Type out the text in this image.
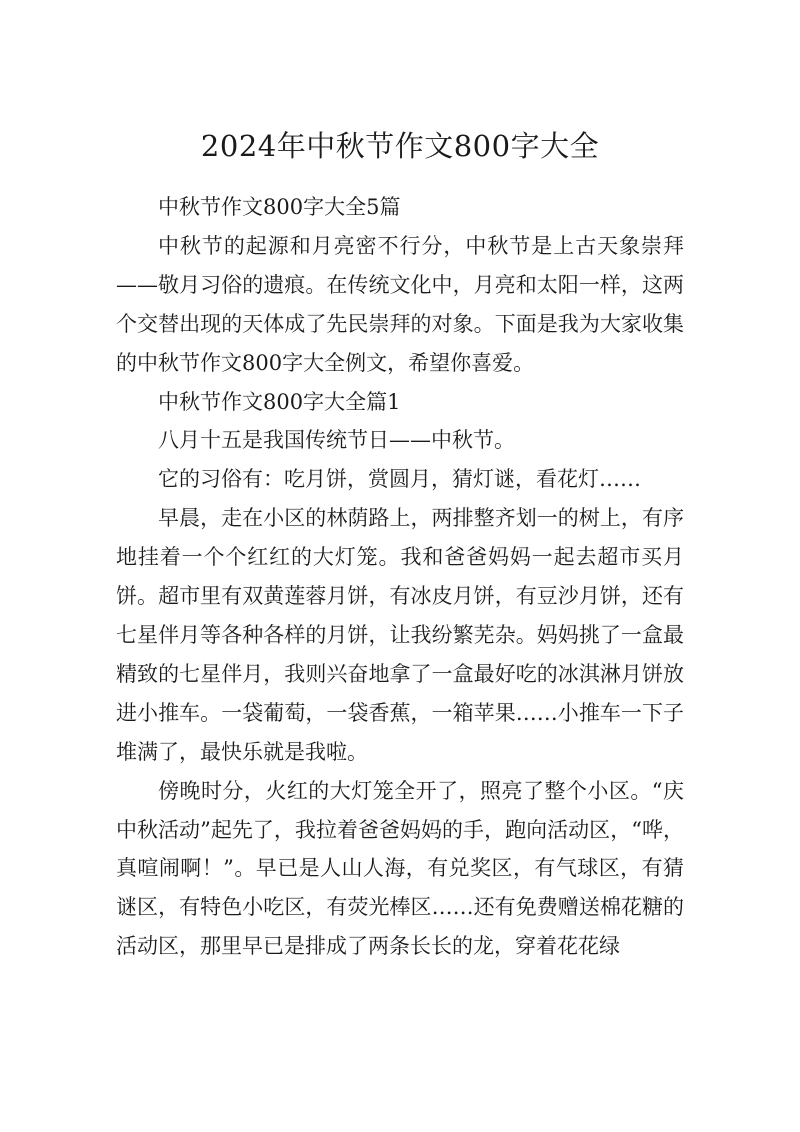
2024年中秋节作文800字大全

中秋节作文800字大全5篇

中秋节的起源和月亮密不行分，中秋节是上古天象崇拜——敬月习俗的遗痕。在传统文化中，月亮和太阳一样，这两个交替出现的天体成了先民崇拜的对象。下面是我为大家收集的中秋节作文800字大全例文，希望你喜爱。

中秋节作文800字大全篇1

八月十五是我国传统节日——中秋节。

它的习俗有：吃月饼，赏圆月，猜灯谜，看花灯……

早晨，走在小区的林荫路上，两排整齐划一的树上，有序地挂着一个个红红的大灯笼。我和爸爸妈妈一起去超市买月饼。超市里有双黄莲蓉月饼，有冰皮月饼，有豆沙月饼，还有七星伴月等各种各样的月饼，让我纷繁芜杂。妈妈挑了一盒最精致的七星伴月，我则兴奋地拿了一盒最好吃的冰淇淋月饼放进小推车。一袋葡萄，一袋香蕉，一箱苹果……小推车一下子堆满了，最快乐就是我啦。

傍晚时分，火红的大灯笼全开了，照亮了整个小区。“庆中秋活动”起先了，我拉着爸爸妈妈的手，跑向活动区，“哗，真喧闹啊！”。早已是人山人海，有兑奖区，有气球区，有猜谜区，有特色小吃区，有荧光棒区……还有免费赠送棉花糖的活动区，那里早已是排成了两条长长的龙，穿着花花绿
